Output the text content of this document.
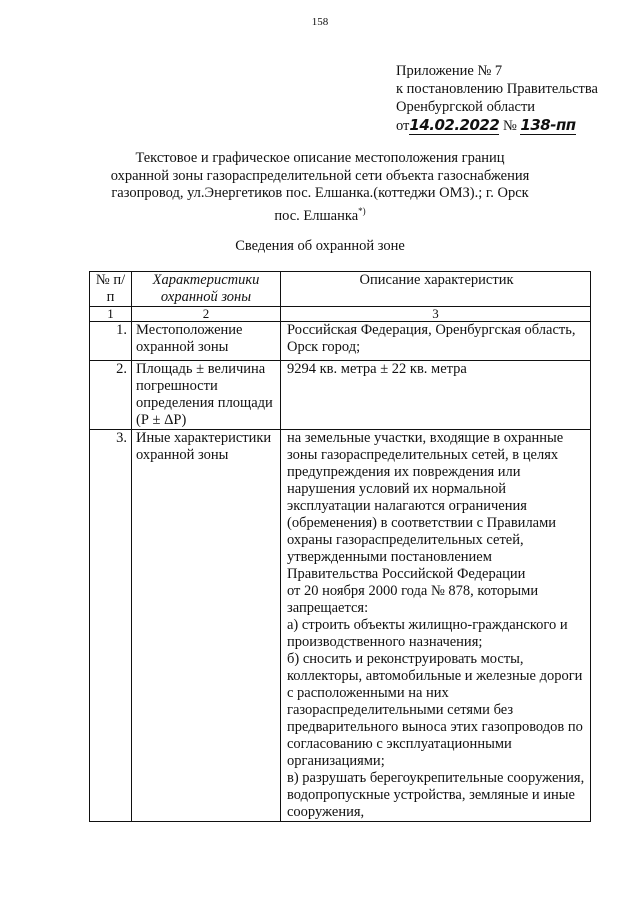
158
Приложение № 7
к постановлению Правительства
Оренбургской области
от14.02.2022 № 138-пп
Текстовое и графическое описание местоположения границ охранной зоны газораспределительной сети объекта газоснабжения газопровод, ул.Энергетиков пос. Елшанка.(коттеджи ОМЗ).; г. Орск пос. Елшанка*)
Сведения об охранной зоне
№ п/п	Характеристики охранной зоны	Описание характеристик
1	2	3
1.	Местоположение охранной зоны	Российская Федерация, Оренбургская область, Орск город;
2.	Площадь ± величина погрешности определения площади (Р ± ΔР)	9294 кв. метра ± 22 кв. метра
3.	Иные характеристики охранной зоны	на земельные участки, входящие в охранные зоны газораспределительных сетей, в целях предупреждения их повреждения или нарушения условий их нормальной эксплуатации налагаются ограничения (обременения) в соответствии с Правилами охраны газораспределительных сетей, утвержденными постановлением Правительства Российской Федерации
от 20 ноября 2000 года № 878, которыми запрещается:
а) строить объекты жилищно-гражданского и производственного назначения;
б) сносить и реконструировать мосты, коллекторы, автомобильные и железные дороги с расположенными на них газораспределительными сетями без предварительного выноса этих газопроводов по согласованию с эксплуатационными организациями;
в) разрушать берегоукрепительные сооружения, водопропускные устройства, земляные и иные сооружения,
